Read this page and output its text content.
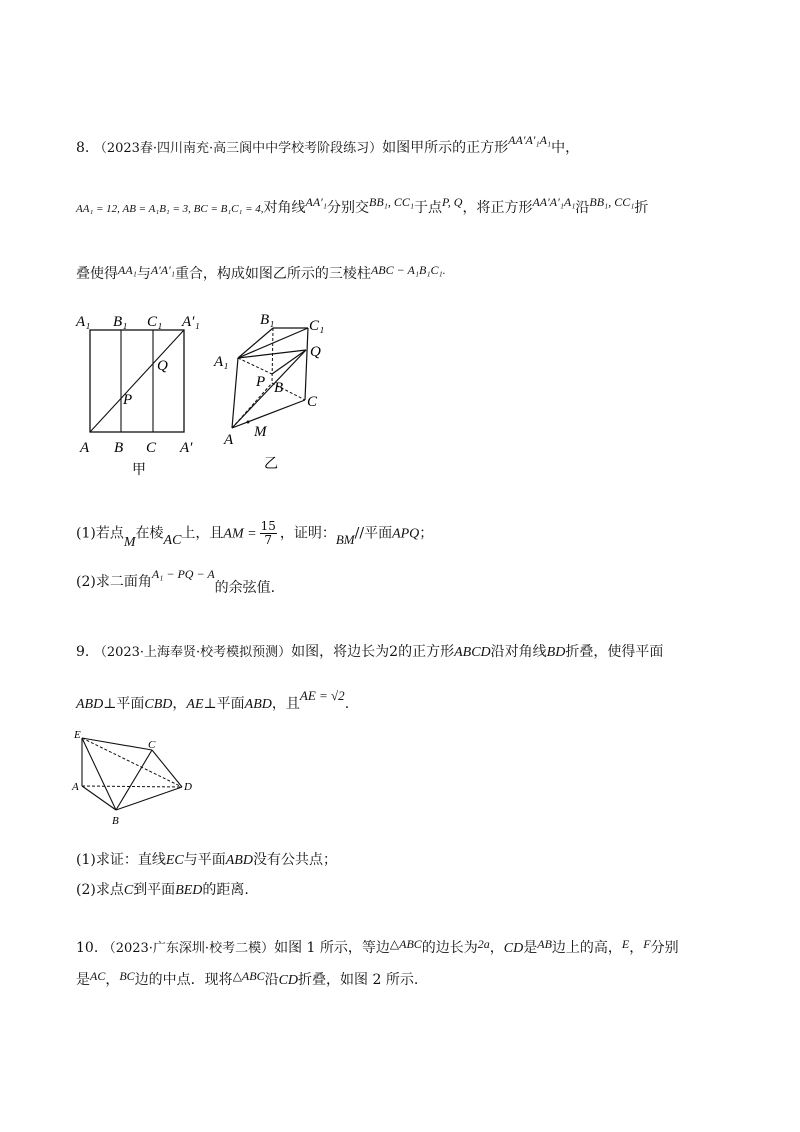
8. （2023春·四川南充·高三阆中中学校考阶段练习）如图甲所示的正方形AA′A′₁A₁中，
AA₁ = 12, AB = A₁B₁ = 3, BC = B₁C₁ = 4,对角线AA′₁分别交BB₁, CC₁于点P, Q，将正方形AA′A′₁A₁沿BB₁, CC₁折
叠使得AA₁与A′A′₁重合，构成如图乙所示的三棱柱ABC − A₁B₁C₁.
A₁ B₁ C₁ A′₁
Q
P
A B C A′
甲
B₁ C₁
A₁
Q
P B
C
A M
乙
(1)若点M在棱AC上，且AM = $\frac{15}{7}$ ，证明：BM//平面APQ；
(2)求二面角A₁ − PQ − A的余弦值.
9. （2023·上海奉贤·校考模拟预测）如图，将边长为2的正方形ABCD沿对角线BD折叠，使得平面
ABD⊥平面CBD，AE⊥平面ABD，且AE = √2.
E
C
A	D
B
(1)求证：直线EC与平面ABD没有公共点；
(2)求点C到平面BED的距离.
10. （2023·广东深圳·校考二模）如图 1 所示，等边△ABC的边长为2a，CD是AB边上的高，E，F分别
是AC，BC边的中点．现将△ABC沿CD折叠，如图 2 所示.
